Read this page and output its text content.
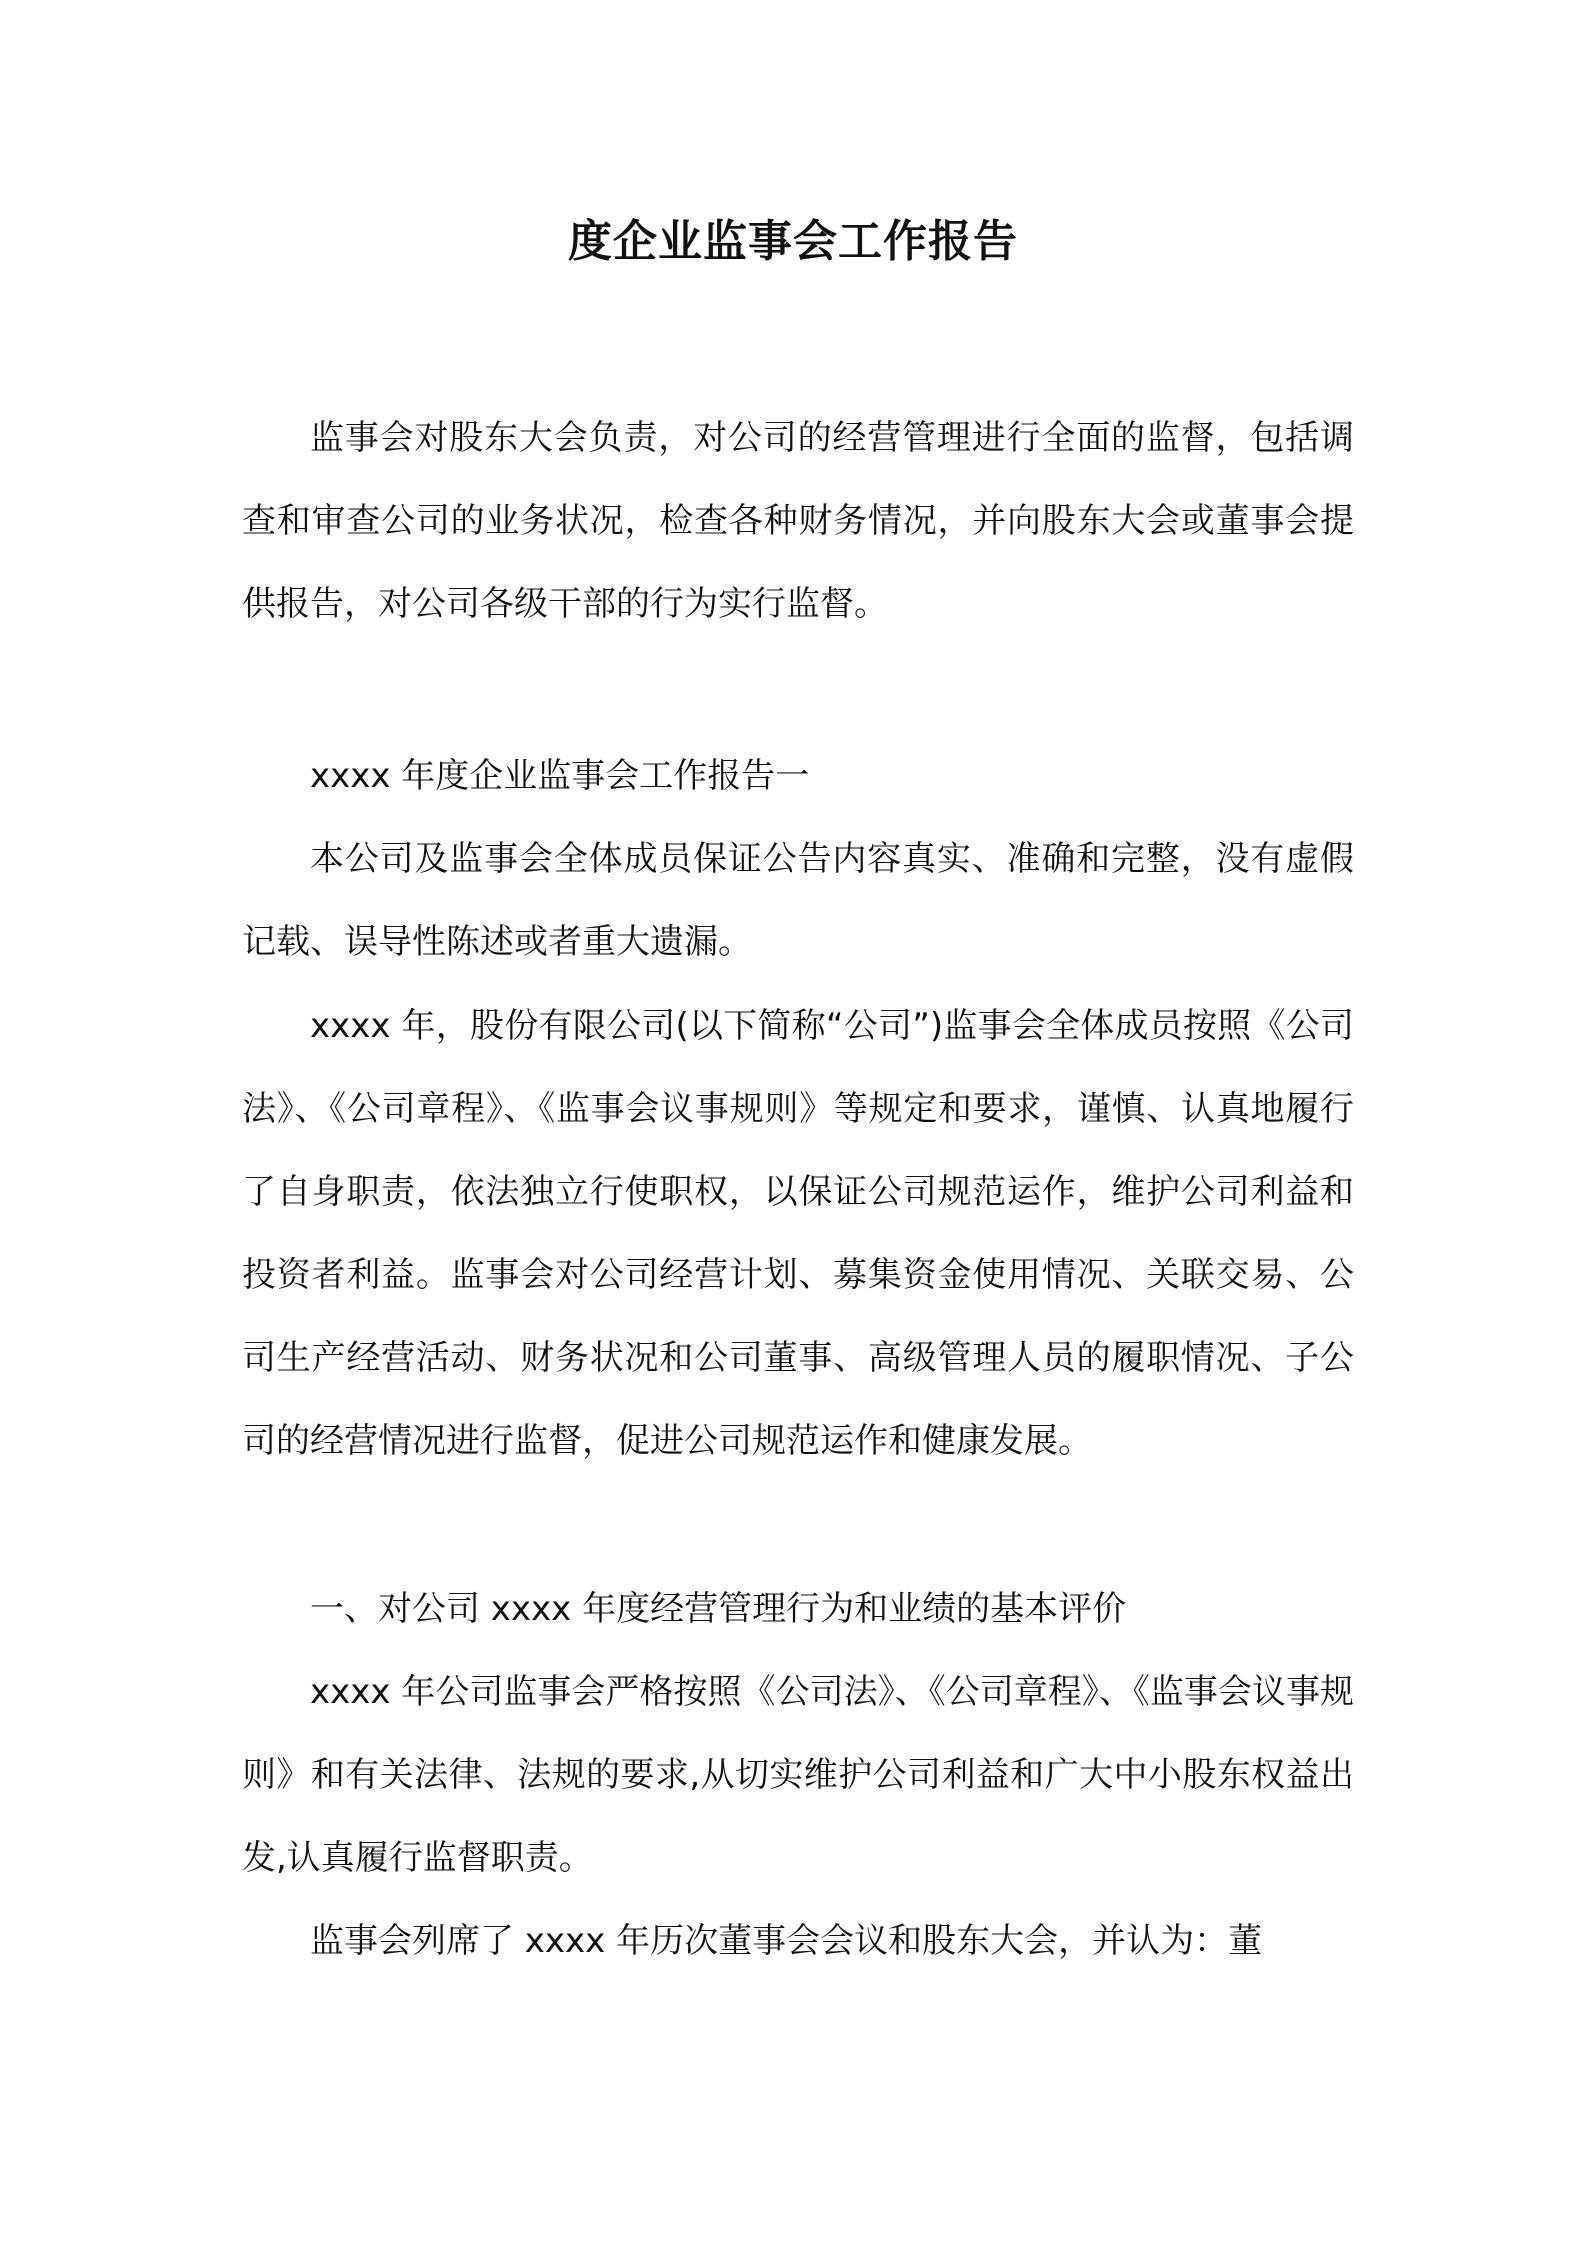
度企业监事会工作报告

监事会对股东大会负责，对公司的经营管理进行全面的监督，包括调查和审查公司的业务状况，检查各种财务情况，并向股东大会或董事会提供报告，对公司各级干部的行为实行监督。

xxxx 年度企业监事会工作报告一

本公司及监事会全体成员保证公告内容真实、准确和完整，没有虚假记载、误导性陈述或者重大遗漏。

xxxx 年，股份有限公司(以下简称“公司”)监事会全体成员按照《公司法》、《公司章程》、《监事会议事规则》等规定和要求，谨慎、认真地履行了自身职责，依法独立行使职权，以保证公司规范运作，维护公司利益和投资者利益。监事会对公司经营计划、募集资金使用情况、关联交易、公司生产经营活动、财务状况和公司董事、高级管理人员的履职情况、子公司的经营情况进行监督，促进公司规范运作和健康发展。

一、对公司 xxxx 年度经营管理行为和业绩的基本评价

xxxx 年公司监事会严格按照《公司法》、《公司章程》、《监事会议事规则》和有关法律、法规的要求,从切实维护公司利益和广大中小股东权益出发,认真履行监督职责。

监事会列席了 xxxx 年历次董事会会议和股东大会，并认为：董
